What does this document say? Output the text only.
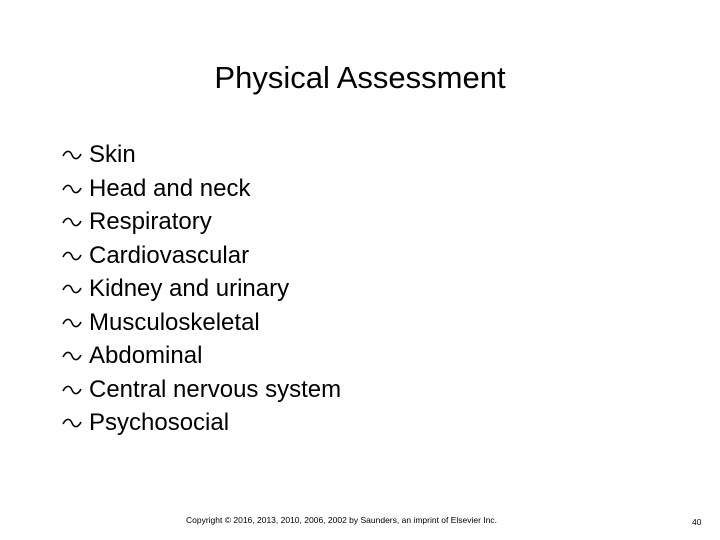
Physical Assessment
Skin
Head and neck
Respiratory
Cardiovascular
Kidney and urinary
Musculoskeletal
Abdominal
Central nervous system
Psychosocial
Copyright © 2016, 2013, 2010, 2006, 2002 by Saunders, an imprint of Elsevier Inc.	40
